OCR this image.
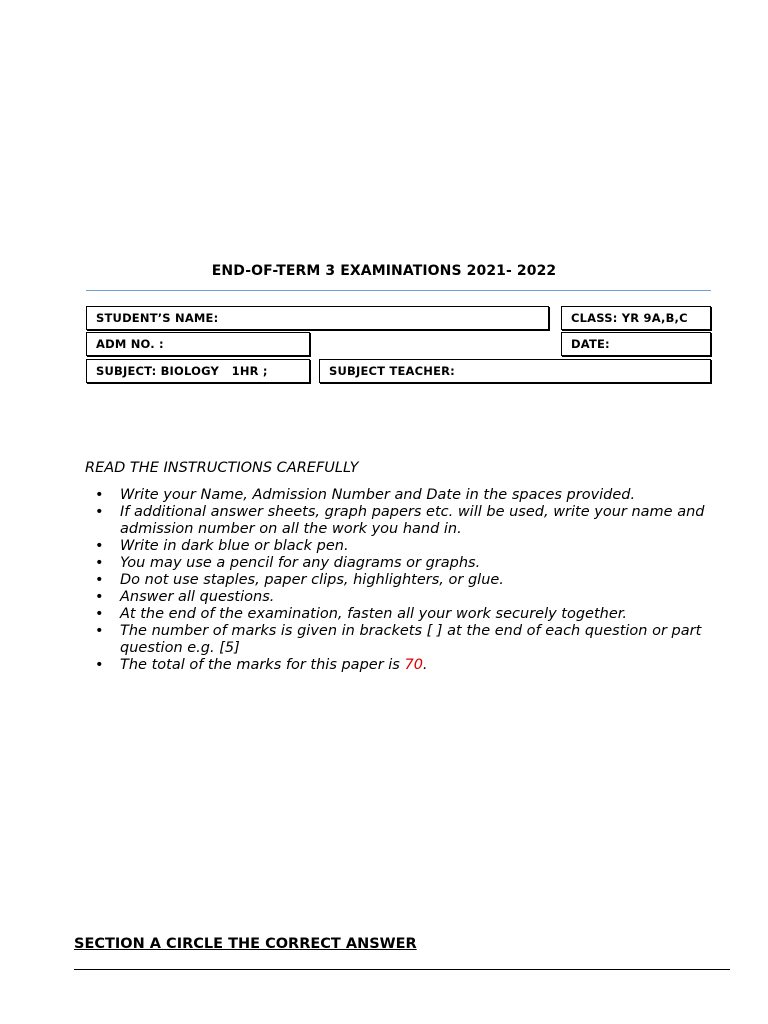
END-OF-TERM 3 EXAMINATIONS 2021- 2022
STUDENT’S NAME:	CLASS: YR 9A,B,C
ADM NO. :	DATE:
SUBJECT: BIOLOGY   1HR ;	SUBJECT TEACHER:
READ THE INSTRUCTIONS CAREFULLY
• Write your Name, Admission Number and Date in the spaces provided.
• If additional answer sheets, graph papers etc. will be used, write your name and admission number on all the work you hand in.
• Write in dark blue or black pen.
• You may use a pencil for any diagrams or graphs.
• Do not use staples, paper clips, highlighters, or glue.
• Answer all questions.
• At the end of the examination, fasten all your work securely together.
• The number of marks is given in brackets [ ] at the end of each question or part question e.g. [5]
• The total of the marks for this paper is 70.
SECTION A CIRCLE THE CORRECT ANSWER
